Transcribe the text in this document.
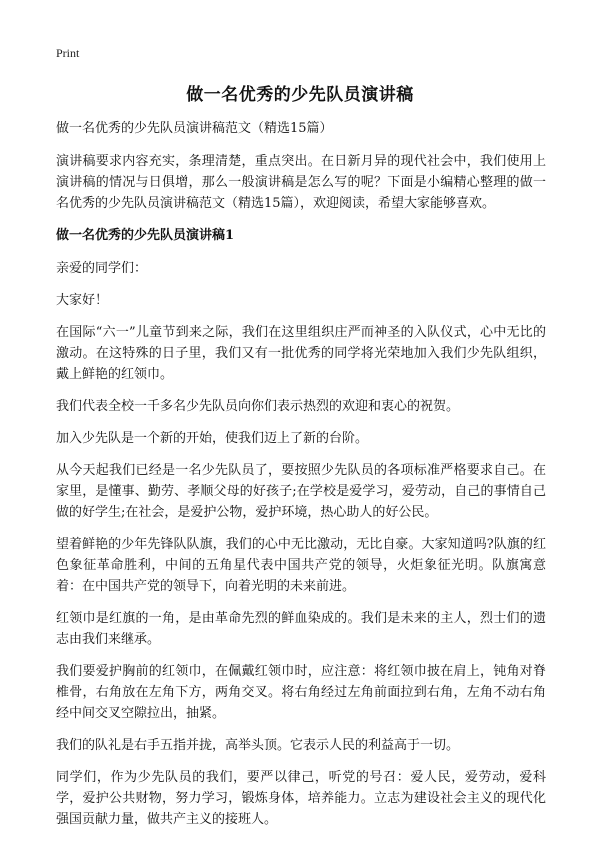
Print
做一名优秀的少先队员演讲稿

做一名优秀的少先队员演讲稿范文（精选15篇）

演讲稿要求内容充实，条理清楚，重点突出。在日新月异的现代社会中，我们使用上演讲稿的情况与日俱增，那么一般演讲稿是怎么写的呢？下面是小编精心整理的做一名优秀的少先队员演讲稿范文（精选15篇），欢迎阅读，希望大家能够喜欢。

做一名优秀的少先队员演讲稿1

亲爱的同学们：

大家好！

在国际“六一”儿童节到来之际，我们在这里组织庄严而神圣的入队仪式，心中无比的激动。在这特殊的日子里，我们又有一批优秀的同学将光荣地加入我们少先队组织，戴上鲜艳的红领巾。

我们代表全校一千多名少先队员向你们表示热烈的欢迎和衷心的祝贺。

加入少先队是一个新的开始，使我们迈上了新的台阶。

从今天起我们已经是一名少先队员了，要按照少先队员的各项标准严格要求自己。在家里，是懂事、勤劳、孝顺父母的好孩子;在学校是爱学习，爱劳动，自己的事情自己做的好学生;在社会，是爱护公物，爱护环境，热心助人的好公民。

望着鲜艳的少年先锋队队旗，我们的心中无比激动，无比自豪。大家知道吗?队旗的红色象征革命胜利，中间的五角星代表中国共产党的领导，火炬象征光明。队旗寓意着：在中国共产党的领导下，向着光明的未来前进。

红领巾是红旗的一角，是由革命先烈的鲜血染成的。我们是未来的主人，烈士们的遗志由我们来继承。

我们要爱护胸前的红领巾，在佩戴红领巾时，应注意：将红领巾披在肩上，钝角对脊椎骨，右角放在左角下方，两角交叉。将右角经过左角前面拉到右角，左角不动右角经中间交叉空隙拉出，抽紧。

我们的队礼是右手五指并拢，高举头顶。它表示人民的利益高于一切。

同学们，作为少先队员的我们，要严以律己，听党的号召：爱人民，爱劳动，爱科学，爱护公共财物，努力学习，锻炼身体，培养能力。立志为建设社会主义的现代化强国贡献力量，做共产主义的接班人。
